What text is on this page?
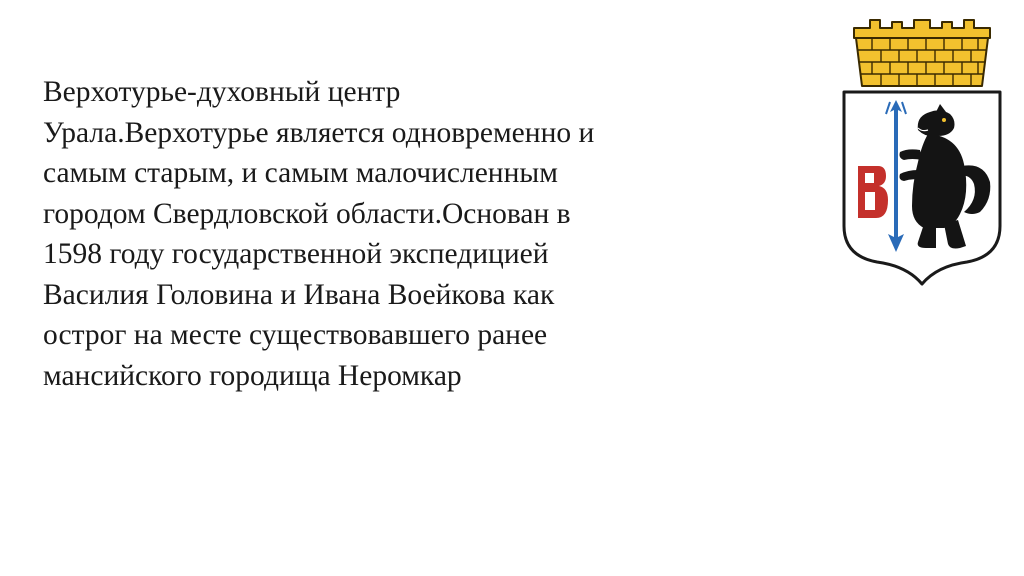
Верхотурье-духовный центр
Урала.Верхотурье является одновременно и
самым старым, и самым малочисленным
городом Свердловской области.Основан в
1598 году государственной экспедицией
Василия Головина и Ивана Воейкова как
острог на месте существовавшего ранее
мансийского городища Неромкар
